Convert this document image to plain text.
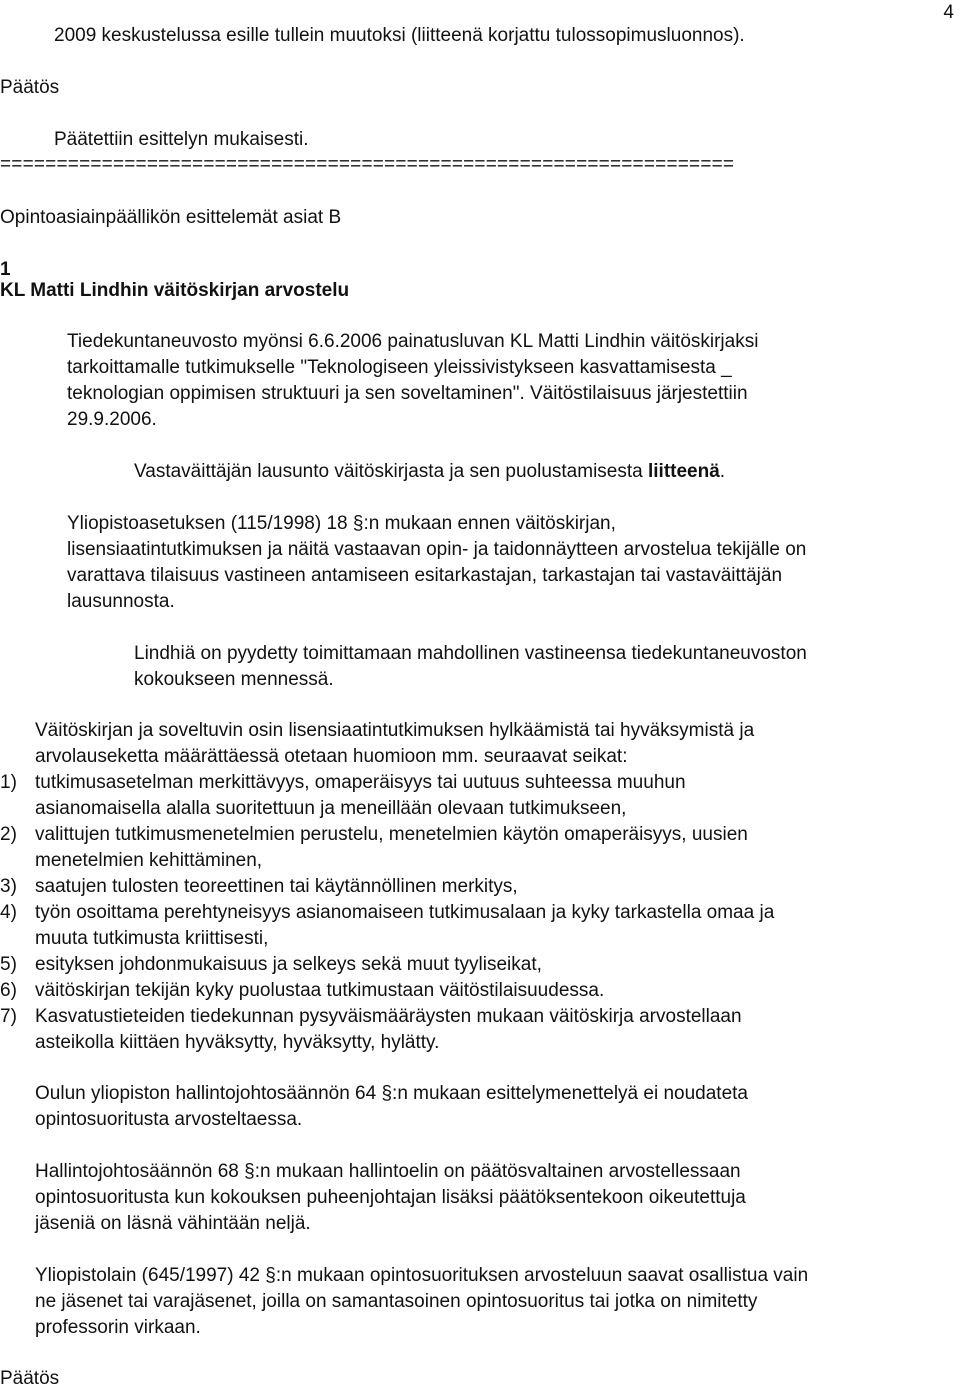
4
2009 keskustelussa esille tullein muutoksi (liitteenä korjattu tulossopimusluonnos).
Päätös
Päätettiin esittelyn mukaisesti.
=================================================================
Opintoasiainpäällikön esittelemät asiat B
1
KL Matti Lindhin väitöskirjan arvostelu
Tiedekuntaneuvosto myönsi 6.6.2006 painatusluvan KL Matti Lindhin väitöskirjaksi
tarkoittamalle tutkimukselle "Teknologiseen yleissivistykseen kasvattamisesta _
teknologian oppimisen struktuuri ja sen soveltaminen". Väitöstilaisuus järjestettiin
29.9.2006.
Vastaväittäjän lausunto väitöskirjasta ja sen puolustamisesta liitteenä.
Yliopistoasetuksen (115/1998) 18 §:n mukaan ennen väitöskirjan,
lisensiaatintutkimuksen ja näitä vastaavan opin- ja taidonnäytteen arvostelua tekijälle on
varattava tilaisuus vastineen antamiseen esitarkastajan, tarkastajan tai vastaväittäjän
lausunnosta.
Lindhiä on pyydetty toimittamaan mahdollinen vastineensa tiedekuntaneuvoston
kokoukseen mennessä.
Väitöskirjan ja soveltuvin osin lisensiaatintutkimuksen hylkäämistä tai hyväksymistä ja
arvolauseketta määrättäessä otetaan huomioon mm. seuraavat seikat:
1) tutkimusasetelman merkittävyys, omaperäisyys tai uutuus suhteessa muuhun
asianomaisella alalla suoritettuun ja meneillään olevaan tutkimukseen,
2) valittujen tutkimusmenetelmien perustelu, menetelmien käytön omaperäisyys, uusien
menetelmien kehittäminen,
3) saatujen tulosten teoreettinen tai käytännöllinen merkitys,
4) työn osoittama perehtyneisyys asianomaiseen tutkimusalaan ja kyky tarkastella omaa ja
muuta tutkimusta kriittisesti,
5) esityksen johdonmukaisuus ja selkeys sekä muut tyyliseikat,
6) väitöskirjan tekijän kyky puolustaa tutkimustaan väitöstilaisuudessa.
7) Kasvatustieteiden tiedekunnan pysyväismääräysten mukaan väitöskirja arvostellaan
asteikolla kiittäen hyväksytty, hyväksytty, hylätty.
Oulun yliopiston hallintojohtosäännön 64 §:n mukaan esittelymenettelyä ei noudateta
opintosuoritusta arvosteltaessa.
Hallintojohtosäännön 68 §:n mukaan hallintoelin on päätösvaltainen arvostellessaan
opintosuoritusta kun kokouksen puheenjohtajan lisäksi päätöksentekoon oikeutettuja
jäseniä on läsnä vähintään neljä.
Yliopistolain (645/1997) 42 §:n mukaan opintosuorituksen arvosteluun saavat osallistua vain
ne jäsenet tai varajäsenet, joilla on samantasoinen opintosuoritus tai jotka on nimitetty
professorin virkaan.
Päätös
